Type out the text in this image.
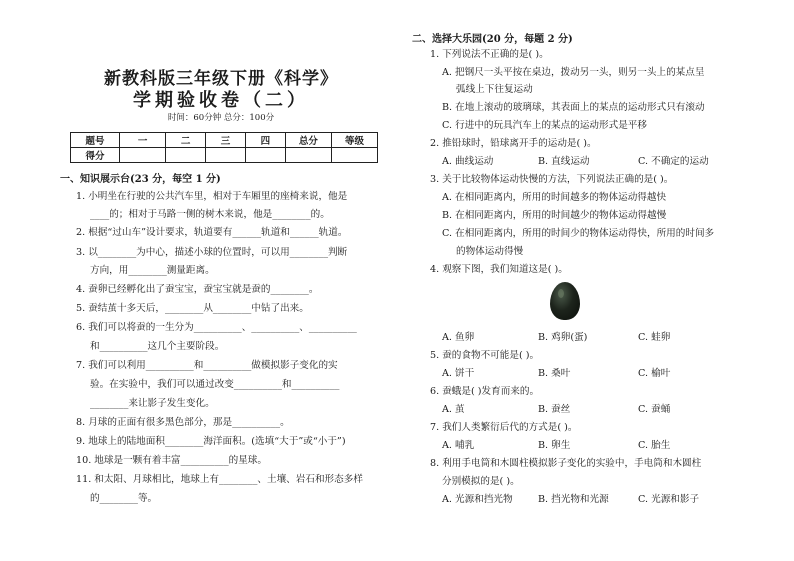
新教科版三年级下册《科学》
学期验收卷（二）
时间：60分钟 总分：100分
题号	一	二	三	四	总分	等级
得分						
一、知识展示台(23 分，每空 1 分)
1. 小明坐在行驶的公共汽车里，相对于车厢里的座椅来说，他是
____的；相对于马路一侧的树木来说，他是________的。
2. 根据“过山车”设计要求，轨道要有______轨道和______轨道。
3. 以________为中心，描述小球的位置时，可以用________判断
方向，用________测量距离。
4. 蚕卵已经孵化出了蚕宝宝，蚕宝宝就是蚕的________。
5. 蚕结茧十多天后，________从________中钻了出来。
6. 我们可以将蚕的一生分为__________、__________、__________
和__________这几个主要阶段。
7. 我们可以利用__________和__________做模拟影子变化的实
验。在实验中，我们可以通过改变__________和__________
________来让影子发生变化。
8. 月球的正面有很多黑色部分，那是__________。
9. 地球上的陆地面积________海洋面积。(选填“大于”或“小于”)
10. 地球是一颗有着丰富__________的星球。
11. 和太阳、月球相比，地球上有________、土壤、岩石和形态多样
的________等。
二、选择大乐园(20 分，每题 2 分)
1. 下列说法不正确的是( )。
A. 把钢尺一头平按在桌边，拨动另一头，则另一头上的某点呈
弧线上下往复运动
B. 在地上滚动的玻璃球，其表面上的某点的运动形式只有滚动
C. 行进中的玩具汽车上的某点的运动形式是平移
2. 推铅球时，铅球离开手的运动是( )。
A. 曲线运动	B. 直线运动	C. 不确定的运动
3. 关于比较物体运动快慢的方法，下列说法正确的是( )。
A. 在相同距离内，所用的时间越多的物体运动得越快
B. 在相同距离内，所用的时间越少的物体运动得越慢
C. 在相同距离内，所用的时间少的物体运动得快，所用的时间多
的物体运动得慢
4. 观察下图，我们知道这是( )。
A. 鱼卵	B. 鸡卵(蛋)	C. 蛙卵
5. 蚕的食物不可能是( )。
A. 饼干	B. 桑叶	C. 榆叶
6. 蚕蛾是( )发育而来的。
A. 茧	B. 蚕丝	C. 蚕蛹
7. 我们人类繁衍后代的方式是( )。
A. 哺乳	B. 卵生	C. 胎生
8. 利用手电筒和木圆柱模拟影子变化的实验中，手电筒和木圆柱
分别模拟的是( )。
A. 光源和挡光物	B. 挡光物和光源	C. 光源和影子
